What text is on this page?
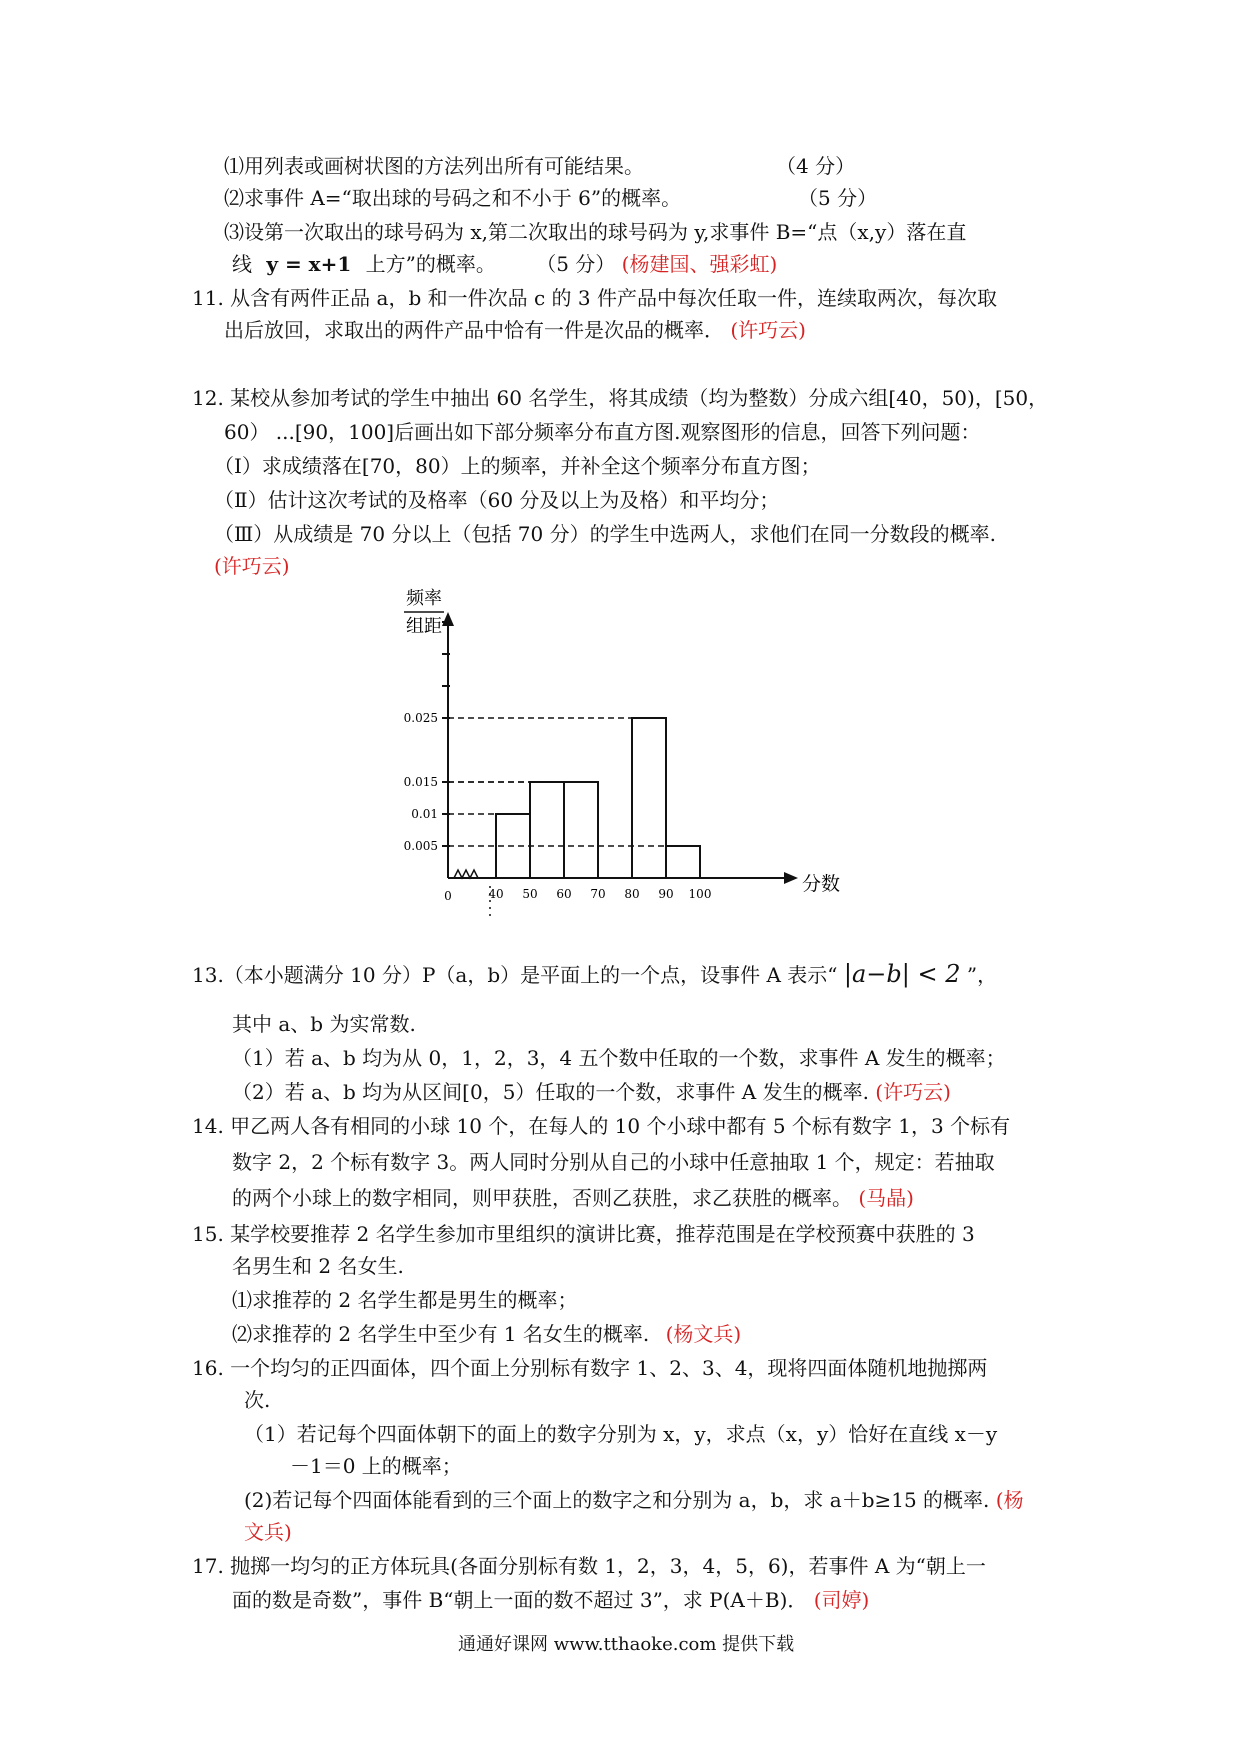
⑴用列表或画树状图的方法列出所有可能结果。	（4 分）
⑵求事件 A=“取出球的号码之和不小于 6”的概率。	（5 分）
⑶设第一次取出的球号码为 x,第二次取出的球号码为 y,求事件 B=“点（x,y）落在直
线 y = x+1 上方”的概率。 （5 分） (杨建国、强彩虹)
11. 从含有两件正品 a，b 和一件次品 c 的 3 件产品中每次任取一件，连续取两次，每次取
出后放回，求取出的两件产品中恰有一件是次品的概率． (许巧云)
12. 某校从参加考试的学生中抽出 60 名学生，将其成绩（均为整数）分成六组[40，50)，[50，
60） ...[90，100]后画出如下部分频率分布直方图.观察图形的信息，回答下列问题：
（Ⅰ）求成绩落在[70，80）上的频率，并补全这个频率分布直方图；
（Ⅱ）估计这次考试的及格率（60 分及以上为及格）和平均分；
（Ⅲ）从成绩是 70 分以上（包括 70 分）的学生中选两人，求他们在同一分数段的概率.
(许巧云)
频率
组距
分数
0
0.005
0.01
0.015
0.025
40 50 60 70 80 90 100
13.（本小题满分 10 分）P（a，b）是平面上的一个点，设事件 A 表示“ |a−b| < 2 ”，
其中 a、b 为实常数.
（1）若 a、b 均为从 0，1，2，3，4 五个数中任取的一个数，求事件 A 发生的概率；
（2）若 a、b 均为从区间[0，5）任取的一个数，求事件 A 发生的概率. (许巧云)
14. 甲乙两人各有相同的小球 10 个，在每人的 10 个小球中都有 5 个标有数字 1，3 个标有
数字 2，2 个标有数字 3。两人同时分别从自己的小球中任意抽取 1 个，规定：若抽取
的两个小球上的数字相同，则甲获胜，否则乙获胜，求乙获胜的概率。 (马晶)
15. 某学校要推荐 2 名学生参加市里组织的演讲比赛，推荐范围是在学校预赛中获胜的 3
名男生和 2 名女生.
⑴求推荐的 2 名学生都是男生的概率；
⑵求推荐的 2 名学生中至少有 1 名女生的概率. (杨文兵)
16. 一个均匀的正四面体，四个面上分别标有数字 1、2、3、4，现将四面体随机地抛掷两
次.
（1）若记每个四面体朝下的面上的数字分别为 x，y，求点（x，y）恰好在直线 x－y
－1＝0 上的概率；
(2)若记每个四面体能看到的三个面上的数字之和分别为 a，b，求 a＋b≥15 的概率. (杨
文兵)
17. 抛掷一均匀的正方体玩具(各面分别标有数 1，2，3，4，5，6)，若事件 A 为“朝上一
面的数是奇数”，事件 B“朝上一面的数不超过 3”，求 P(A＋B)． (司婷)
通通好课网 www.tthaoke.com 提供下载
